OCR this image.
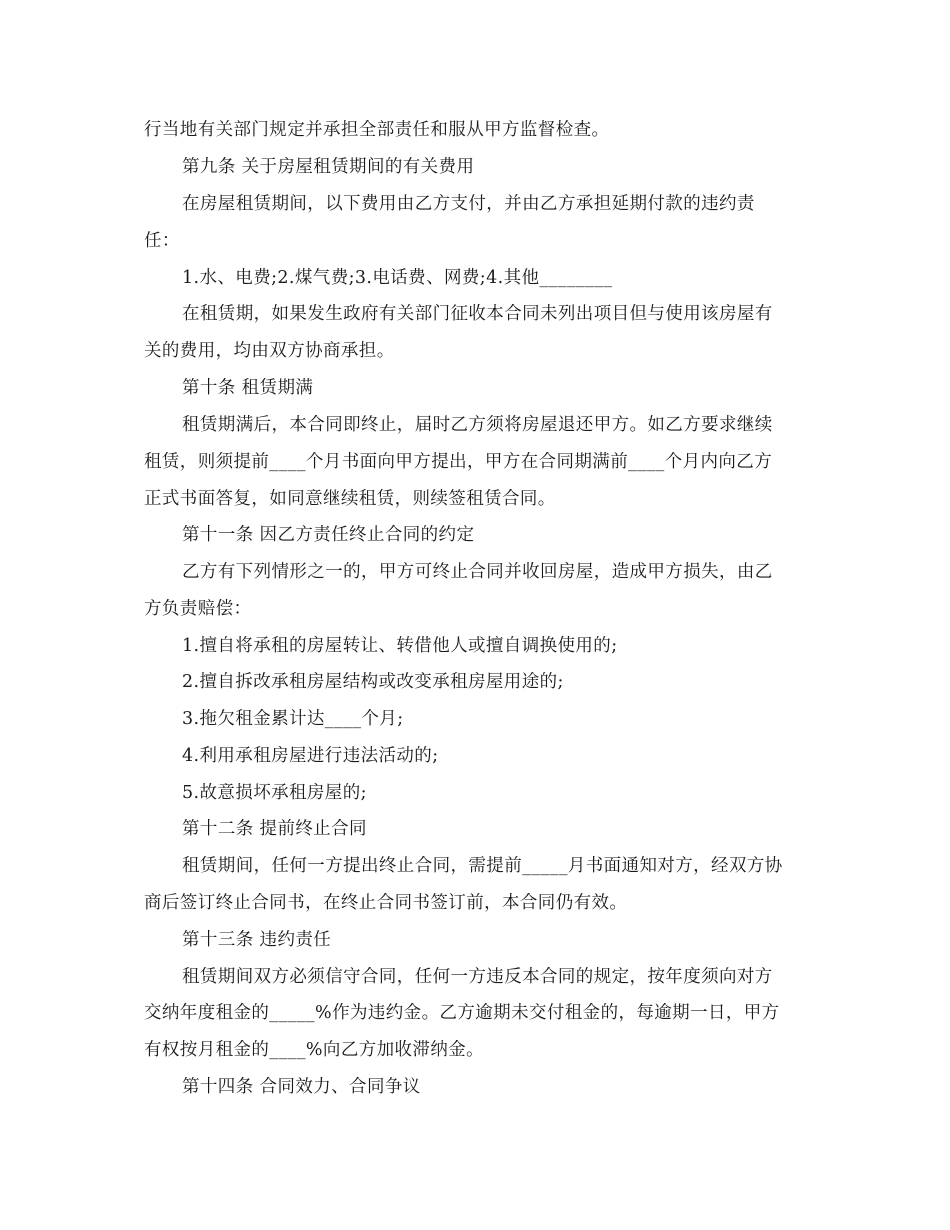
行当地有关部门规定并承担全部责任和服从甲方监督检查。
第九条 关于房屋租赁期间的有关费用
在房屋租赁期间，以下费用由乙方支付，并由乙方承担延期付款的违约责
任：
1.水、电费;2.煤气费;3.电话费、网费;4.其他________
在租赁期，如果发生政府有关部门征收本合同未列出项目但与使用该房屋有
关的费用，均由双方协商承担。
第十条 租赁期满
租赁期满后，本合同即终止，届时乙方须将房屋退还甲方。如乙方要求继续
租赁，则须提前____个月书面向甲方提出，甲方在合同期满前____个月内向乙方
正式书面答复，如同意继续租赁，则续签租赁合同。
第十一条 因乙方责任终止合同的约定
乙方有下列情形之一的，甲方可终止合同并收回房屋，造成甲方损失，由乙
方负责赔偿：
1.擅自将承租的房屋转让、转借他人或擅自调换使用的;
2.擅自拆改承租房屋结构或改变承租房屋用途的;
3.拖欠租金累计达____个月;
4.利用承租房屋进行违法活动的;
5.故意损坏承租房屋的;
第十二条 提前终止合同
租赁期间，任何一方提出终止合同，需提前_____月书面通知对方，经双方协
商后签订终止合同书，在终止合同书签订前，本合同仍有效。
第十三条 违约责任
租赁期间双方必须信守合同，任何一方违反本合同的规定，按年度须向对方
交纳年度租金的_____%作为违约金。乙方逾期未交付租金的，每逾期一日，甲方
有权按月租金的____%向乙方加收滞纳金。
第十四条 合同效力、合同争议
